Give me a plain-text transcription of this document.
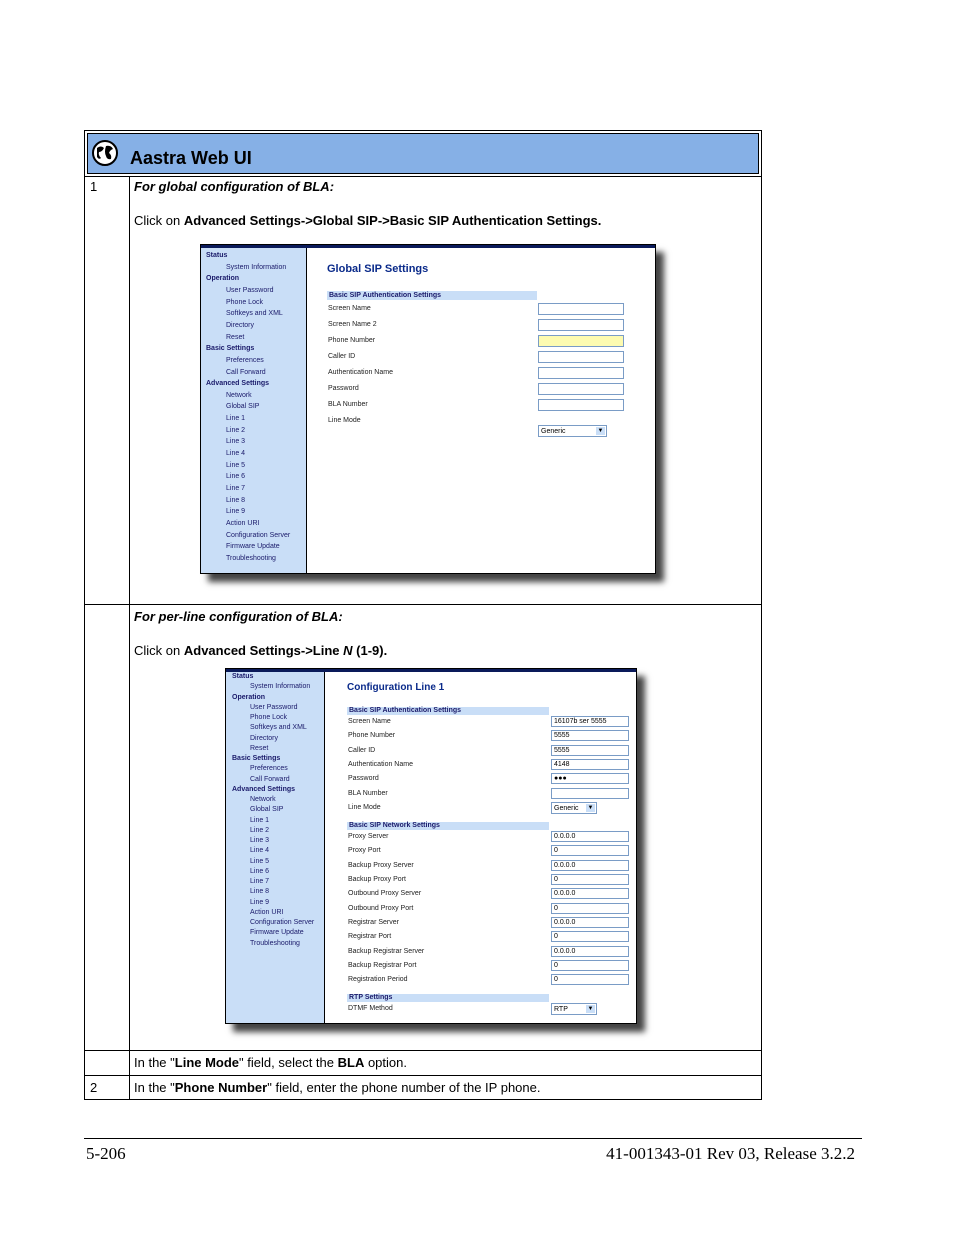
Aastra Web UI
1	For global configuration of BLA:
Click on Advanced Settings->Global SIP->Basic SIP Authentication Settings.
Status
System Information
Operation
User Password
Phone Lock
Softkeys and XML
Directory
Reset
Basic Settings
Preferences
Call Forward
Advanced Settings
Network
Global SIP
Line 1
Line 2
Line 3
Line 4
Line 5
Line 6
Line 7
Line 8
Line 9
Action URI
Configuration Server
Firmware Update
Troubleshooting
Global SIP Settings
Basic SIP Authentication Settings
Screen Name
Screen Name 2
Phone Number
Caller ID
Authentication Name
Password
BLA Number
Line Mode
Generic	▼
For per-line configuration of BLA:
Click on Advanced Settings->Line N (1-9).
Status
System Information
Operation
User Password
Phone Lock
Softkeys and XML
Directory
Reset
Basic Settings
Preferences
Call Forward
Advanced Settings
Network
Global SIP
Line 1
Line 2
Line 3
Line 4
Line 5
Line 6
Line 7
Line 8
Line 9
Action URI
Configuration Server
Firmware Update
Troubleshooting
Configuration Line 1
Basic SIP Authentication Settings
Screen Name	16107b ser 5555
Phone Number	5555
Caller ID	5555
Authentication Name	4148
Password	●●●
BLA Number
Line Mode	Generic ▼
Basic SIP Network Settings
Proxy Server	0.0.0.0
Proxy Port	0
Backup Proxy Server	0.0.0.0
Backup Proxy Port	0
Outbound Proxy Server	0.0.0.0
Outbound Proxy Port	0
Registrar Server	0.0.0.0
Registrar Port	0
Backup Registrar Server	0.0.0.0
Backup Registrar Port	0
Registration Period	0
RTP Settings
DTMF Method	RTP	▼
In the "Line Mode" field, select the BLA option.
2	In the "Phone Number" field, enter the phone number of the IP phone.
5-206	41-001343-01 Rev 03, Release 3.2.2
